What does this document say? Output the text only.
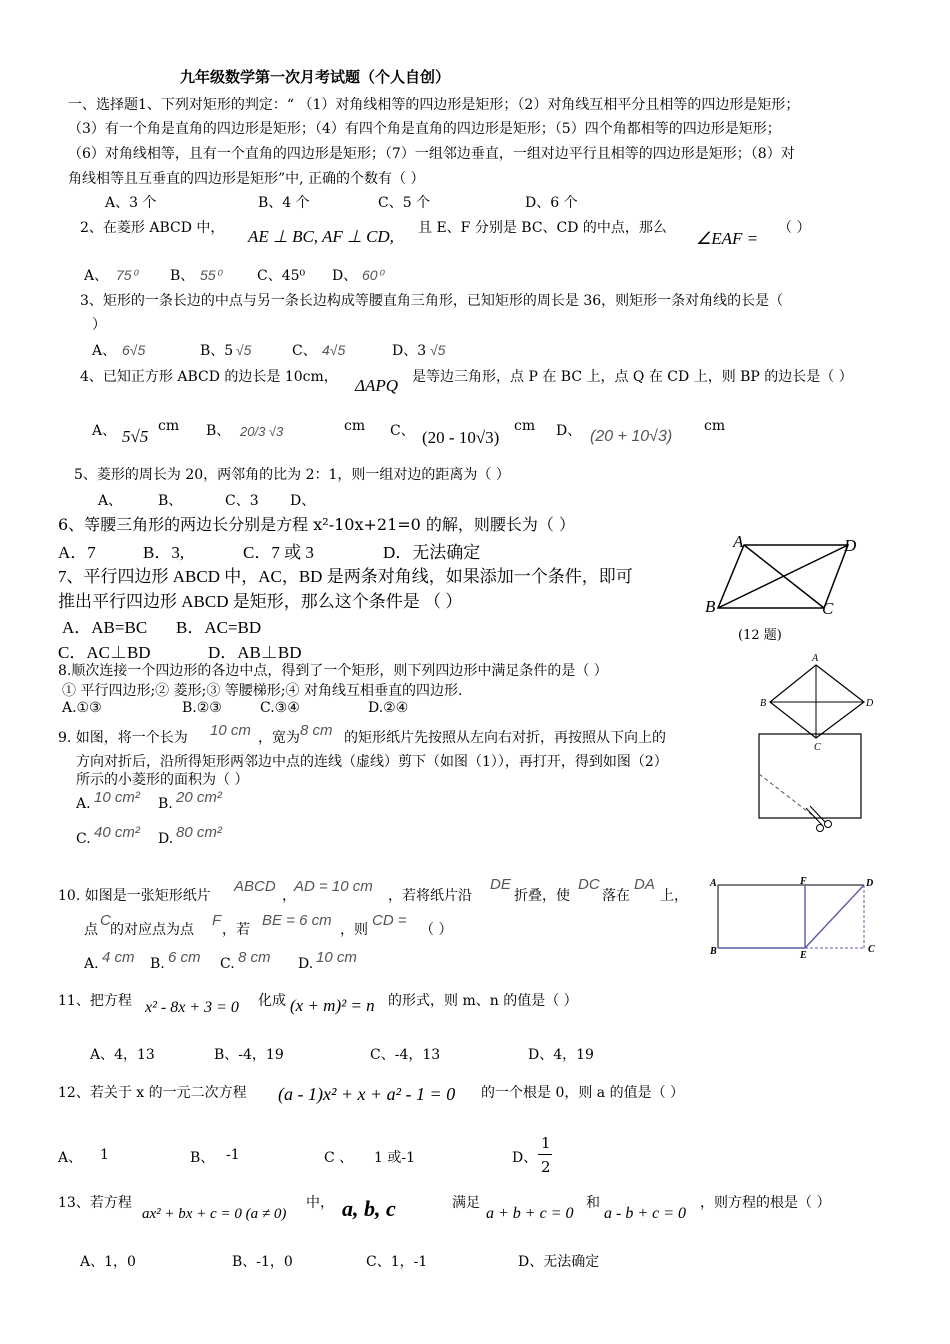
九年级数学第一次月考试题（个人自创）
一、选择题1、下列对矩形的判定：“ （1）对角线相等的四边形是矩形；（2）对角线互相平分且相等的四边形是矩形；
（3）有一个角是直角的四边形是矩形；（4）有四个角是直角的四边形是矩形；（5）四个角都相等的四边形是矩形；
（6）对角线相等，且有一个直角的四边形是矩形；（7）一组邻边垂直，一组对边平行且相等的四边形是矩形；（8）对
角线相等且互垂直的四边形是矩形”中, 正确的个数有（ ）
A、3 个	B、4 个	C、5 个	D、6 个
2、在菱形 ABCD 中， AE ⊥ BC, AF ⊥ CD, 且 E、F 分别是 BC、CD 的中点，那么
∠EAF =
（ ）
A、 75⁰ B、 55⁰	C、45⁰ D、 60⁰
3、矩形的一条长边的中点与另一条长边构成等腰直角三角形，已知矩形的周长是 36，则矩形一条对角线的长是（
）
A、 6√5	B、5 √5	C、 4√5	D、3 √5
4、已知正方形 ABCD 的边长是 10cm， ΔAPQ 是等边三角形，点 P 在 BC 上，点 Q 在 CD 上，则 BP 的边长是（ ）
A、 5√5
cm B、 20/3 √3	cm C、 (20 - 10√3)
cm D、 (20 + 10√3)
cm
5、菱形的周长为 20，两邻角的比为 2：1，则一组对边的距离为（ ）
A、	B、	C、3 D、
6、等腰三角形的两边长分别是方程 x²-10x+21=0 的解，则腰长为（ ）
A．7	B．3,	C．7 或 3	D．无法确定
7、平行四边形 ABCD 中，AC，BD 是两条对角线，如果添加一个条件，即可
推出平行四边形 ABCD 是矩形，那么这个条件是 （ ）
A．AB=BC B．AC=BD
C．AC⊥BD	D．AB⊥BD
A	D
B	C
(12 题)
8.顺次连接一个四边形的各边中点，得到了一个矩形，则下列四边形中满足条件的是（ ）
① 平行四边形;② 菱形;③ 等腰梯形;④ 对角线互相垂直的四边形.
A.①③	B.②③	C.③④	D.②④
A
B	D
C
9. 如图，将一个长为 10 cm ，宽为 8 cm 的矩形纸片先按照从左向右对折，再按照从下向上的
方向对折后，沿所得矩形两邻边中点的连线（虚线）剪下（如图（1）），再打开，得到如图（2）
所示的小菱形的面积为（ ）
A. 10 cm² B. 20 cm²
C. 40 cm² D. 80 cm²
10. 如图是一张矩形纸片
ABCD
，
AD = 10 cm
，若将纸片沿
DE
折叠，使
DC
落在
DA
上，
点
C
的对应点为点
F
，若
BE = 6 cm
，则
CD =
（ ）
A. 4 cm B. 6 cm C. 8 cm D. 10 cm
A	F	D
B	E
C
11、把方程 x² - 8x + 3 = 0 化成 (x + m)² = n 的形式，则 m、n 的值是（ ）
A、4，13	B、-4，19	C、-4，13	D、4，19
12、若关于 x 的一元二次方程 (a - 1)x² + x + a² - 1 = 0 的一个根是 0，则 a 的值是（ ）
A、 1	B、 -1	C 、 1 或-1	D、
1
2
13、若方程
ax² + bx + c = 0 (a ≠ 0)
中， a, b, c	满足
a + b + c = 0
和
a - b + c = 0
，则方程的根是（ ）
A、1，0	B、-1，0	C、1，-1	D、无法确定
